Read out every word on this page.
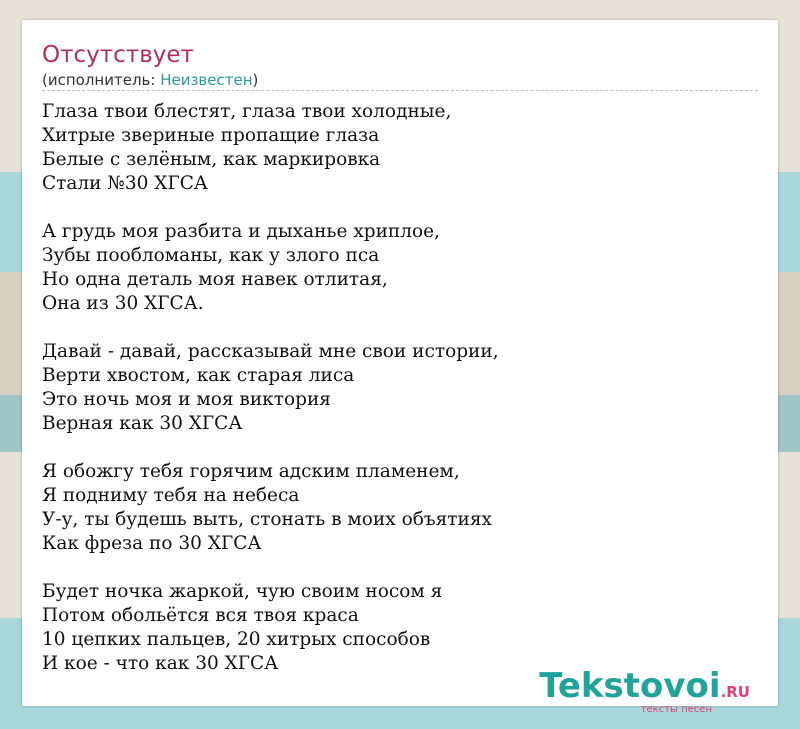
Отсутствует
(исполнитель: Неизвестен)
Глаза твои блестят, глаза твои холодные,
Хитрые звериные пропащие глаза
Белые с зелёным, как маркировка
Стали №30 ХГСА
А грудь моя разбита и дыханье хриплое,
Зубы пообломаны, как у злого пса
Но одна деталь моя навек отлитая,
Она из 30 ХГСА.
Давай - давай, рассказывай мне свои истории,
Верти хвостом, как старая лиса
Это ночь моя и моя виктория
Верная как 30 ХГСА
Я обожгу тебя горячим адским пламенем,
Я подниму тебя на небеса
У-у, ты будешь выть, стонать в моих объятиях
Как фреза по 30 ХГСА
Будет ночка жаркой, чую своим носом я
Потом обольётся вся твоя краса
10 цепких пальцев, 20 хитрых способов
И кое - что как 30 ХГСА
Tekstovoi.RU
тексты песен
